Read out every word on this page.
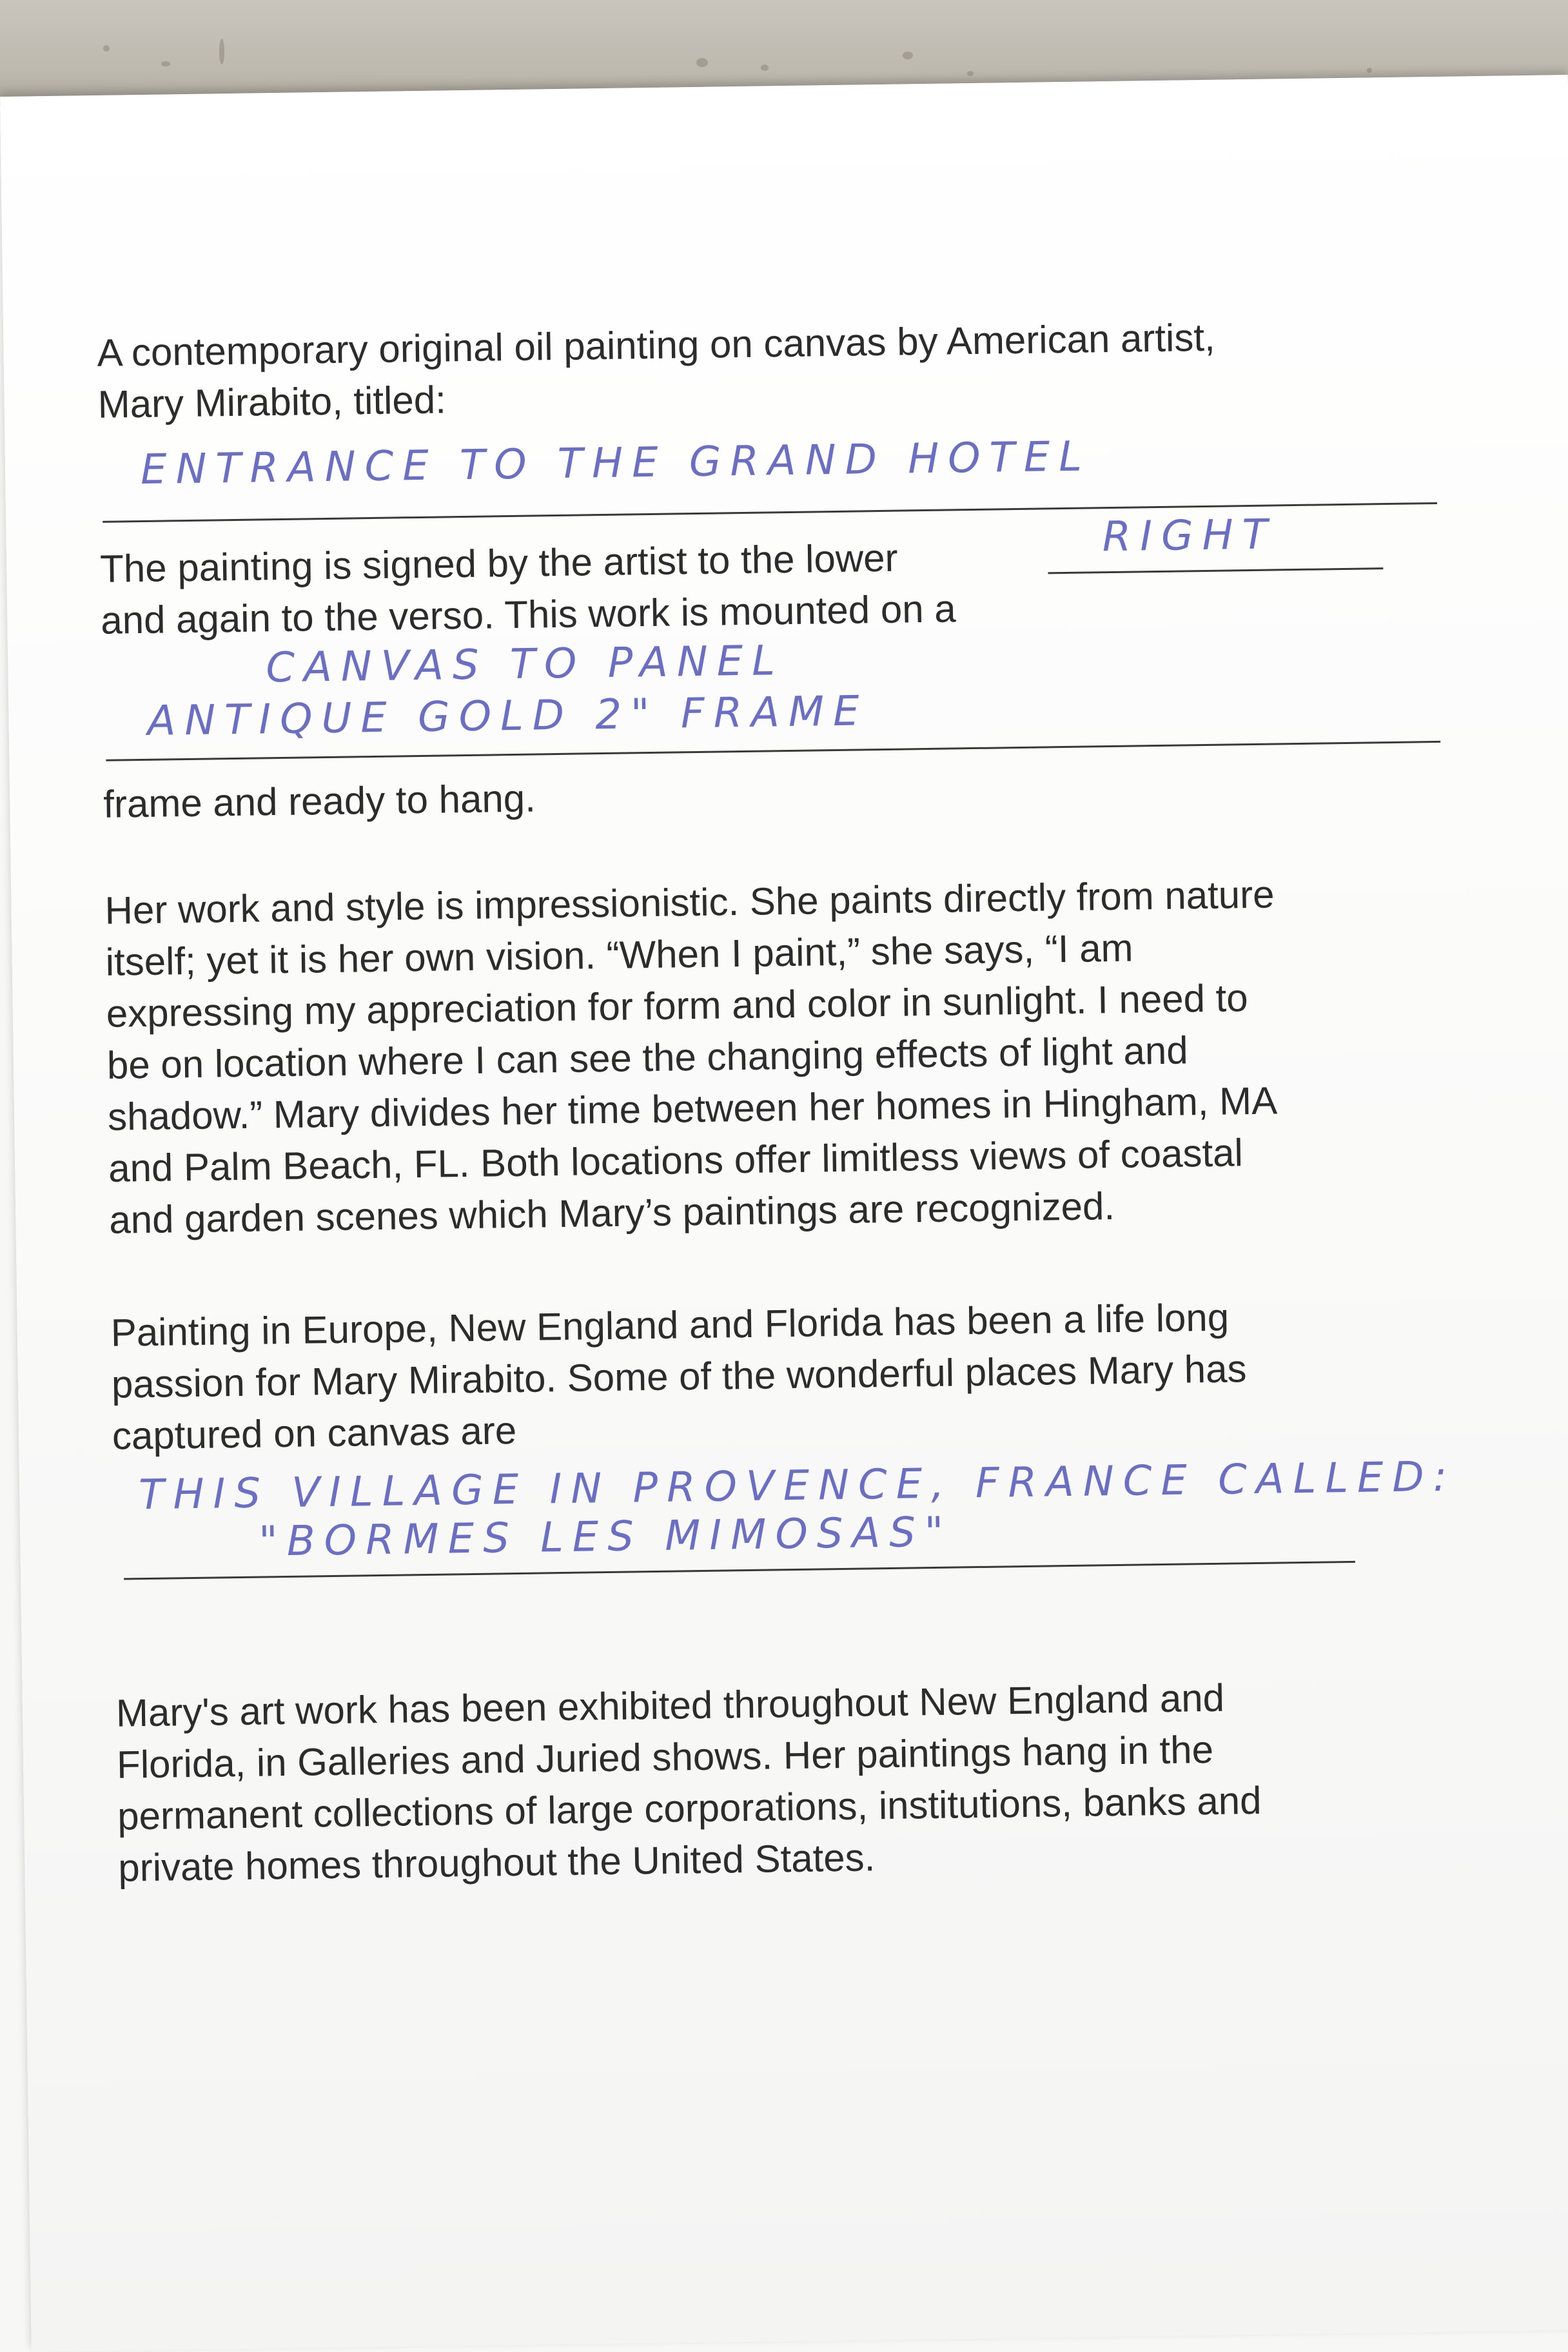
A contemporary original oil painting on canvas by American artist,

Mary Mirabito, titled:

ENTRANCE TO THE GRAND HOTEL

The painting is signed by the artist to the lower

RIGHT

and again to the verso. This work is mounted on a

CANVAS TO PANEL

ANTIQUE GOLD 2" FRAME

frame and ready to hang.

Her work and style is impressionistic. She paints directly from nature

itself; yet it is her own vision. “When I paint,” she says, “I am

expressing my appreciation for form and color in sunlight. I need to

be on location where I can see the changing effects of light and

shadow.” Mary divides her time between her homes in Hingham, MA

and Palm Beach, FL. Both locations offer limitless views of coastal

and garden scenes which Mary’s paintings are recognized.

Painting in Europe, New England and Florida has been a life long

passion for Mary Mirabito. Some of the wonderful places Mary has

captured on canvas are

THIS VILLAGE IN PROVENCE, FRANCE CALLED:

"BORMES LES MIMOSAS"

Mary's art work has been exhibited throughout New England and

Florida, in Galleries and Juried shows. Her paintings hang in the

permanent collections of large corporations, institutions, banks and

private homes throughout the United States.
